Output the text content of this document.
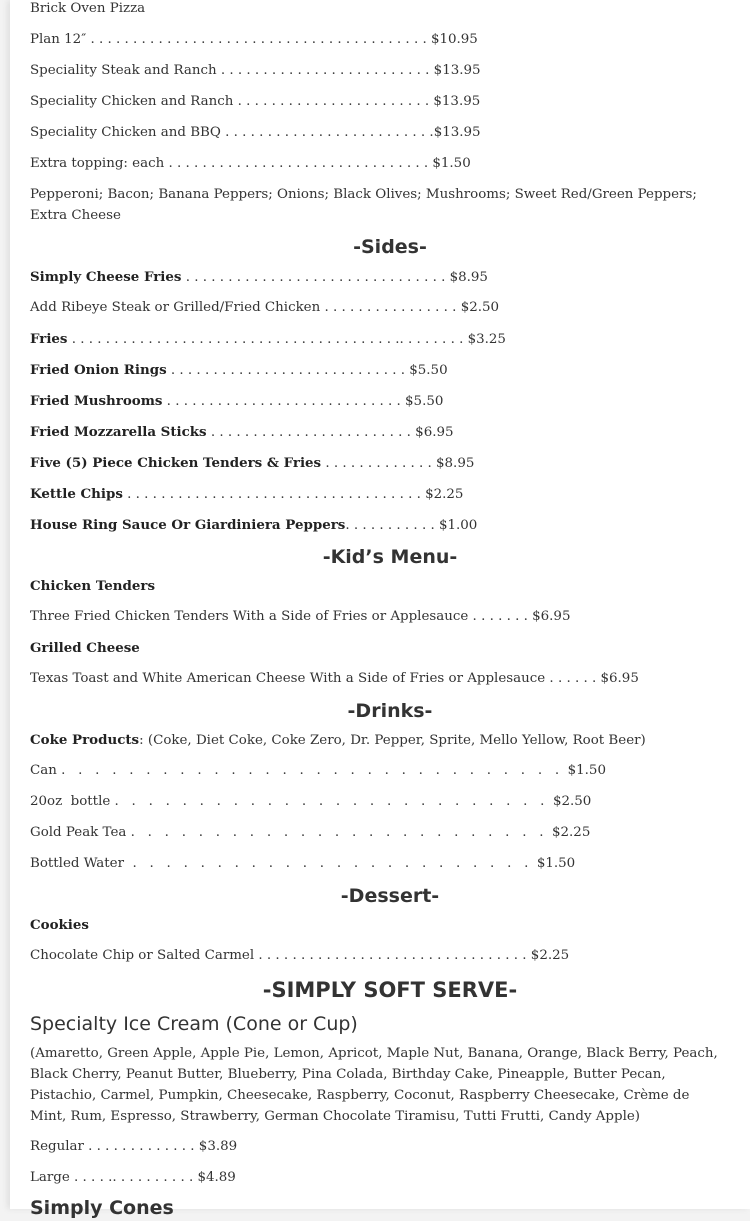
Brick Oven Pizza
Plan 12″ . . . . . . . . . . . . . . . . . . . . . . . . . . . . . . . . . . . . . . . . $10.95
Speciality Steak and Ranch . . . . . . . . . . . . . . . . . . . . . . . . . $13.95
Speciality Chicken and Ranch . . . . . . . . . . . . . . . . . . . . . . . $13.95
Speciality Chicken and BBQ . . . . . . . . . . . . . . . . . . . . . . . . .$13.95
Extra topping: each . . . . . . . . . . . . . . . . . . . . . . . . . . . . . . . $1.50
Pepperoni; Bacon; Banana Peppers; Onions; Black Olives; Mushrooms; Sweet Red/Green Peppers; Extra Cheese
-Sides-
Simply Cheese Fries . . . . . . . . . . . . . . . . . . . . . . . . . . . . . . . $8.95
Add Ribeye Steak or Grilled/Fried Chicken . . . . . . . . . . . . . . . . $2.50
Fries . . . . . . . . . . . . . . . . . . . . . . . . . . . . . . . . . . . . . . .. . . . . . . . $3.25
Fried Onion Rings . . . . . . . . . . . . . . . . . . . . . . . . . . . . $5.50
Fried Mushrooms . . . . . . . . . . . . . . . . . . . . . . . . . . . . $5.50
Fried Mozzarella Sticks . . . . . . . . . . . . . . . . . . . . . . . . $6.95
Five (5) Piece Chicken Tenders & Fries . . . . . . . . . . . . . $8.95
Kettle Chips . . . . . . . . . . . . . . . . . . . . . . . . . . . . . . . . . . . $2.25
House Ring Sauce Or Giardiniera Peppers. . . . . . . . . . . $1.00
-Kid’s Menu-
Chicken Tenders
Three Fried Chicken Tenders With a Side of Fries or Applesauce . . . . . . . $6.95
Grilled Cheese
Texas Toast and White American Cheese With a Side of Fries or Applesauce . . . . . . $6.95
-Drinks-
Coke Products: (Coke, Diet Coke, Coke Zero, Dr. Pepper, Sprite, Mello Yellow, Root Beer)
Can .   .   .   .   .   .   .   .   .   .   .   .   .   .   .   .   .   .   .   .   .   .   .   .   .   .   .   .   .   .  $1.50
20oz  bottle .   .   .   .   .   .   .   .   .   .   .   .   .   .   .   .   .   .   .   .   .   .   .   .   .   .  $2.50
Gold Peak Tea .   .   .   .   .   .   .   .   .   .   .   .   .   .   .   .   .   .   .   .   .   .   .   .   .  $2.25
Bottled Water  .   .   .   .   .   .   .   .   .   .   .   .   .   .   .   .   .   .   .   .   .   .   .   .  $1.50
-Dessert-
Cookies
Chocolate Chip or Salted Carmel . . . . . . . . . . . . . . . . . . . . . . . . . . . . . . . . $2.25
-SIMPLY SOFT SERVE-
Specialty Ice Cream (Cone or Cup)
(Amaretto, Green Apple, Apple Pie, Lemon, Apricot, Maple Nut, Banana, Orange, Black Berry, Peach, Black Cherry, Peanut Butter, Blueberry, Pina Colada, Birthday Cake, Pineapple, Butter Pecan, Pistachio, Carmel, Pumpkin, Cheesecake, Raspberry, Coconut, Raspberry Cheesecake, Crème de Mint, Rum, Espresso, Strawberry, German Chocolate Tiramisu, Tutti Frutti, Candy Apple)
Regular . . . . . . . . . . . . . $3.89
Large . . . . .. . . . . . . . . . $4.89
Simply Cones
